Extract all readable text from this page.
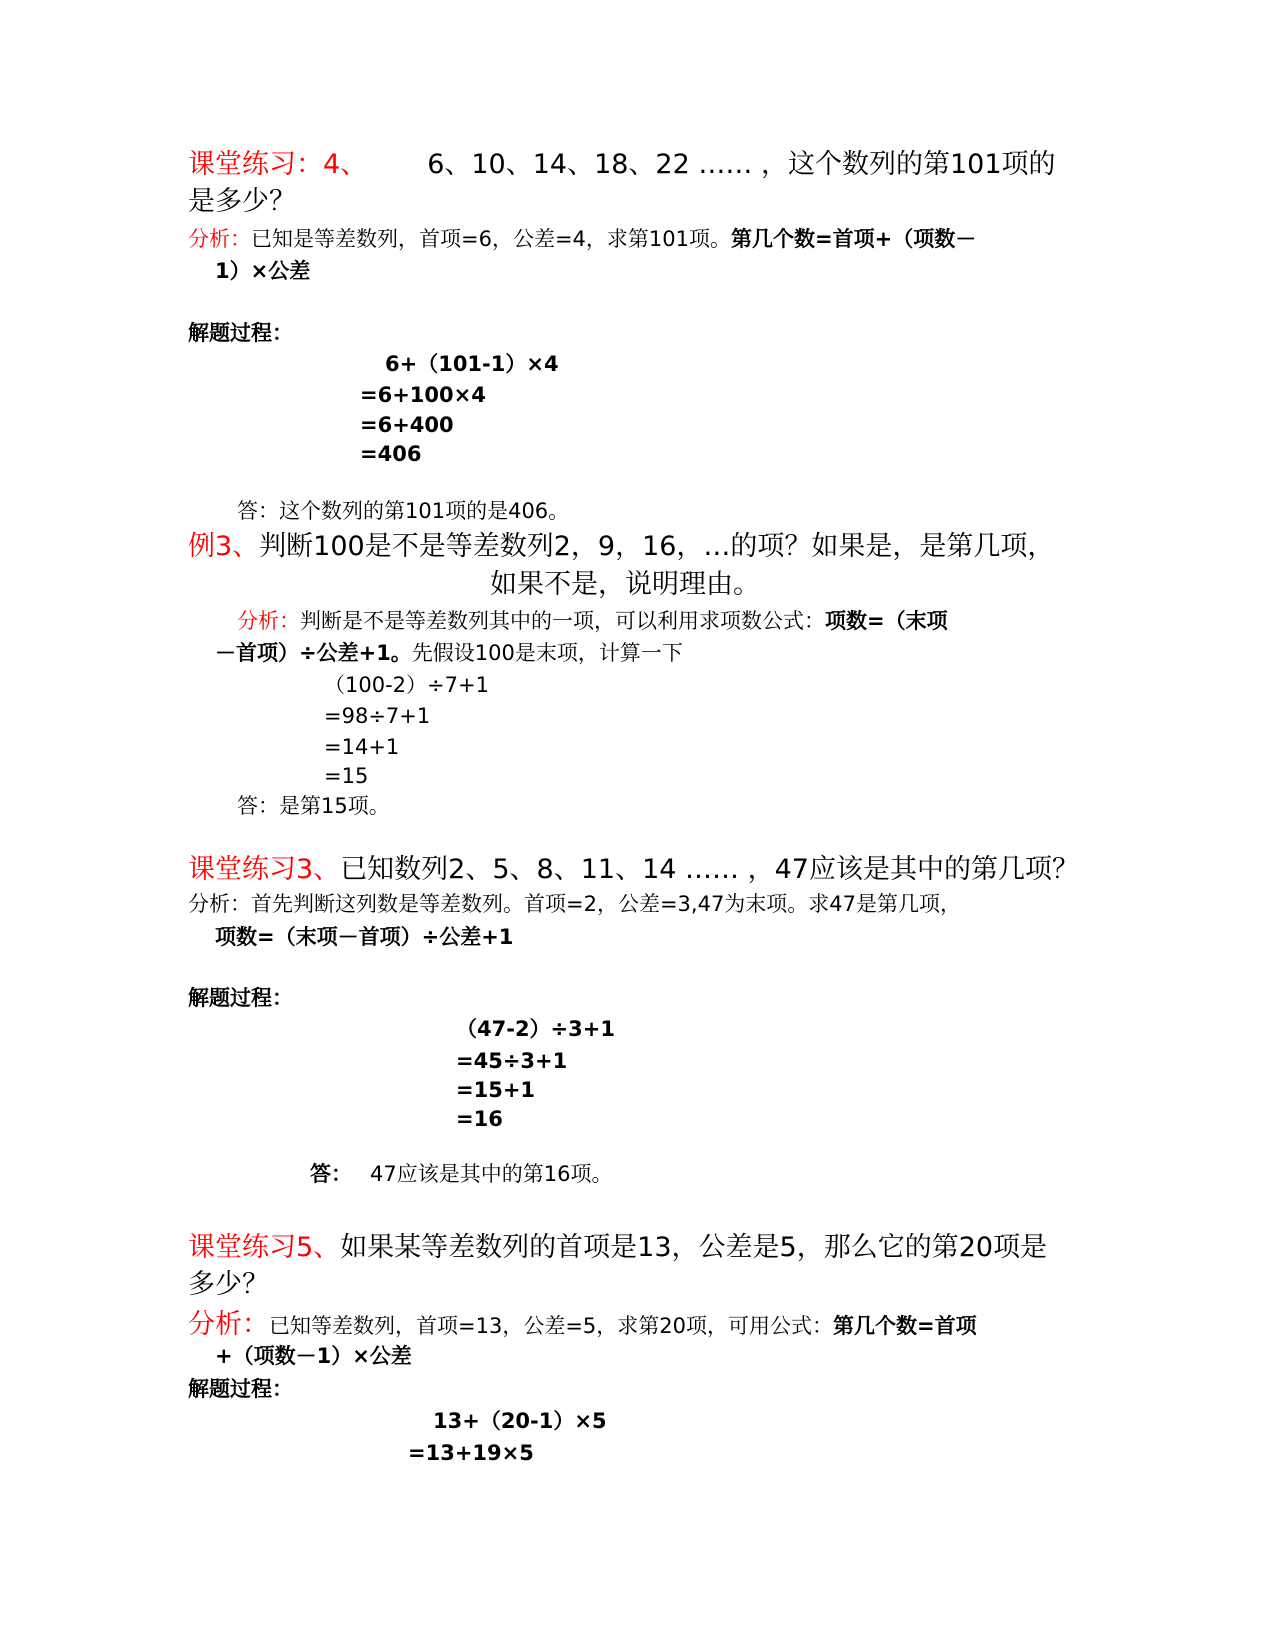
课堂练习：4、 6、10、14、18、22 …… ，这个数列的第101项的
是多少？
分析：已知是等差数列，首项=6，公差=4，求第101项。第几个数=首项+（项数－
1）×公差
解题过程：
6+（101-1）×4
=6+100×4
=6+400
=406
答：这个数列的第101项的是406。
例3、判断100是不是等差数列2，9，16，…的项？如果是，是第几项，
如果不是，说明理由。
分析：判断是不是等差数列其中的一项，可以利用求项数公式：项数=（末项
－首项）÷公差+1。先假设100是末项，计算一下
（100-2）÷7+1
=98÷7+1
=14+1
=15
答：是第15项。
课堂练习3、已知数列2、5、8、11、14 …… ，47应该是其中的第几项？
分析：首先判断这列数是等差数列。首项=2，公差=3,47为末项。求47是第几项，
项数=（末项－首项）÷公差+1
解题过程：
（47-2）÷3+1
=45÷3+1
=15+1
=16
答： 47应该是其中的第16项。
课堂练习5、如果某等差数列的首项是13，公差是5，那么它的第20项是
多少？
分析：已知等差数列，首项=13，公差=5，求第20项，可用公式：第几个数=首项
+（项数－1）×公差
解题过程：
13+（20-1）×5
=13+19×5
